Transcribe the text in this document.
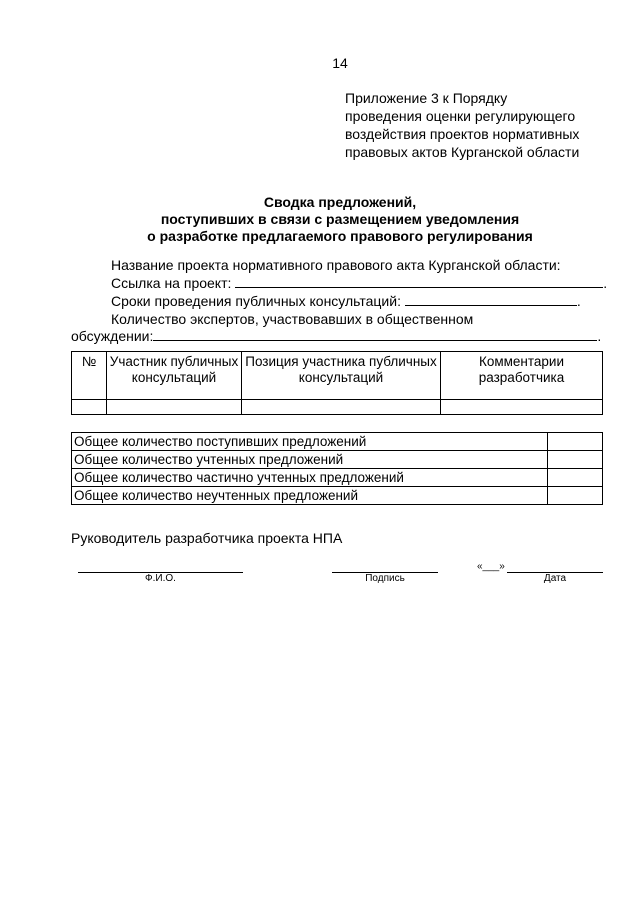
14
Приложение 3 к Порядку
проведения оценки регулирующего
воздействия проектов нормативных
правовых актов Курганской области
Сводка предложений,
поступивших в связи с размещением уведомления
о разработке предлагаемого правового регулирования
Название проекта нормативного правового акта Курганской области:
Ссылка на проект:	.
Сроки проведения публичных консультаций:	.
Количество экспертов, участвовавших в общественном
обсуждении:	.
№	Участник публичных консультаций	Позиция участника публичных консультаций	Комментарии разработчика

Общее количество поступивших предложений	
Общее количество учтенных предложений	
Общее количество частично учтенных предложений	
Общее количество неучтенных предложений	
Руководитель разработчика проекта НПА
Ф.И.О.	Подпись
«___»
Дата
